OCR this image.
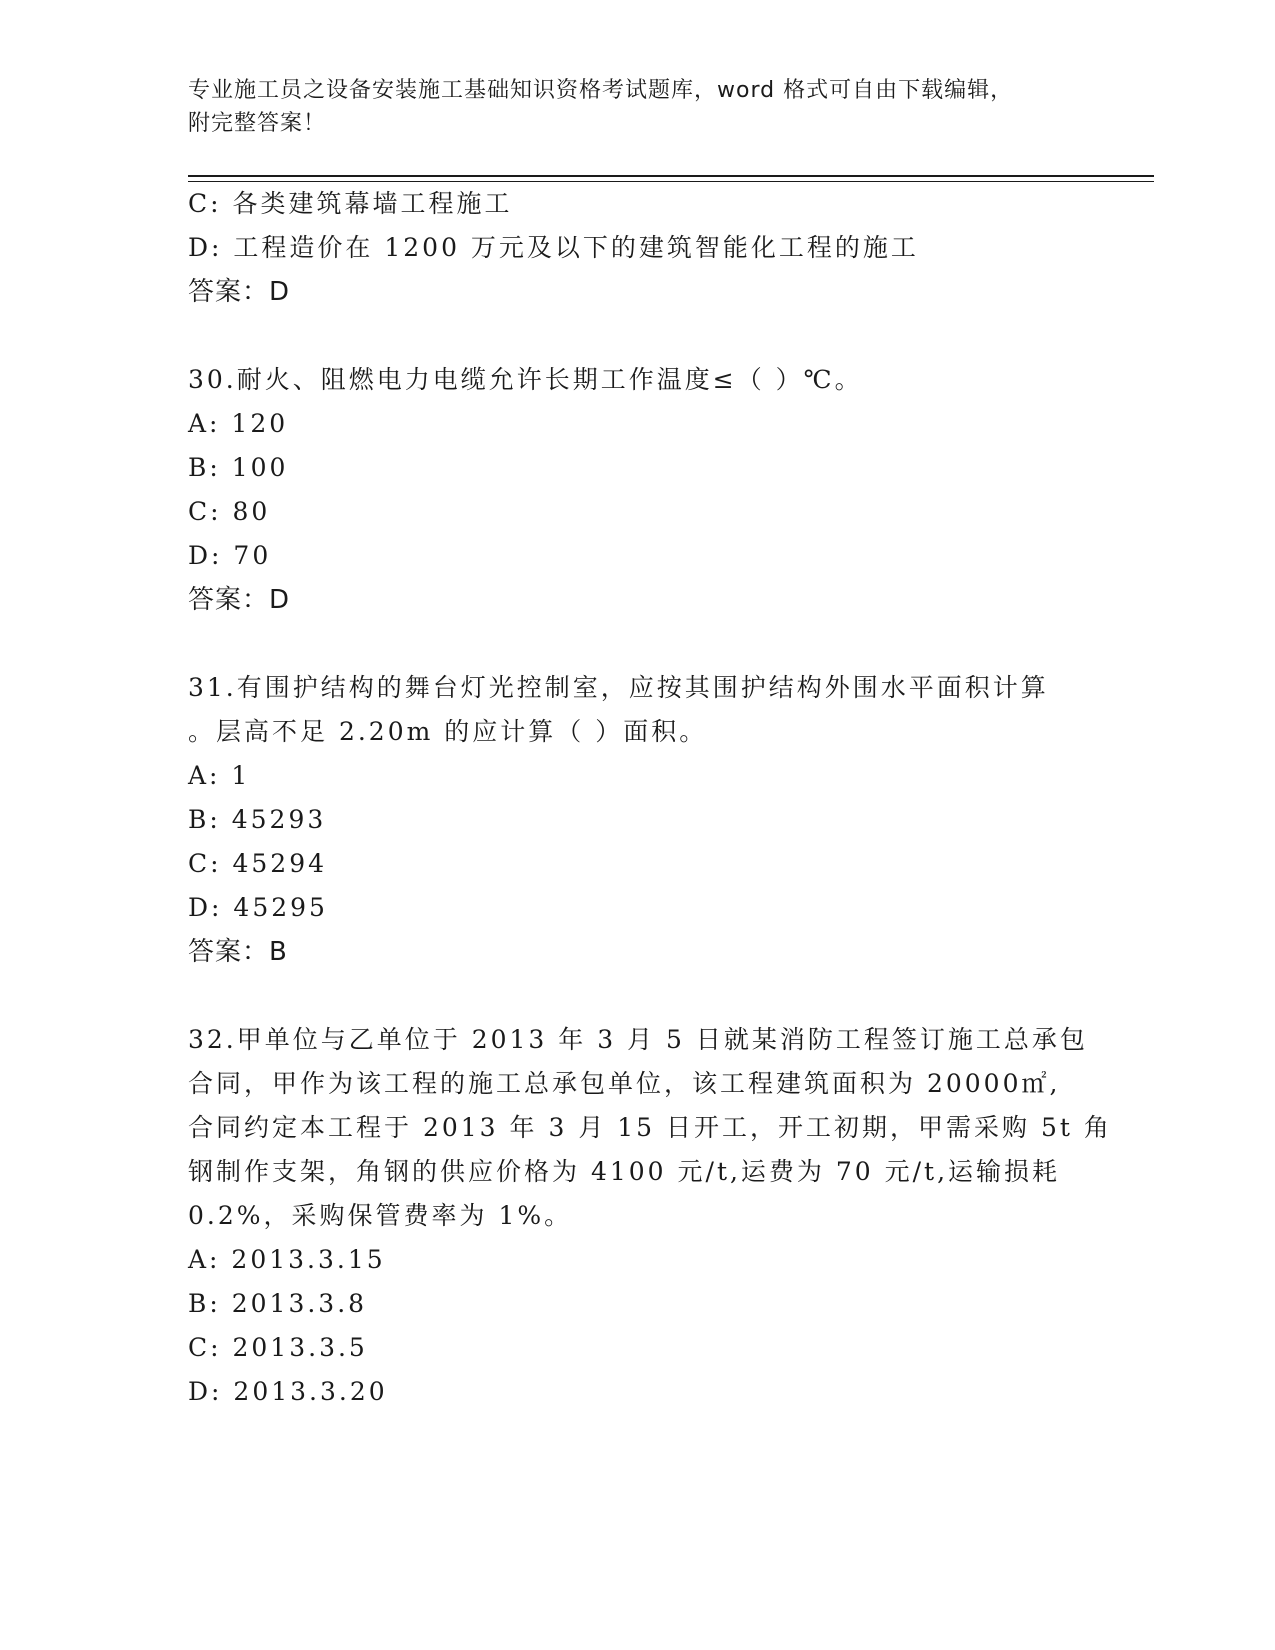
专业施工员之设备安装施工基础知识资格考试题库，word 格式可自由下载编辑，
附完整答案！
C: 各类建筑幕墙工程施工
D: 工程造价在 1200 万元及以下的建筑智能化工程的施工
答案：D
30.耐火、阻燃电力电缆允许长期工作温度≤（ ）℃。
A: 120
B: 100
C: 80
D: 70
答案：D
31.有围护结构的舞台灯光控制室，应按其围护结构外围水平面积计算
。层高不足 2.20m 的应计算（ ）面积。
A: 1
B: 45293
C: 45294
D: 45295
答案：B
32.甲单位与乙单位于 2013 年 3 月 5 日就某消防工程签订施工总承包
合同，甲作为该工程的施工总承包单位，该工程建筑面积为 20000㎡,
合同约定本工程于 2013 年 3 月 15 日开工，开工初期，甲需采购 5t 角
钢制作支架，角钢的供应价格为 4100 元/t,运费为 70 元/t,运输损耗
0.2%，采购保管费率为 1%。
A: 2013.3.15
B: 2013.3.8
C: 2013.3.5
D: 2013.3.20
